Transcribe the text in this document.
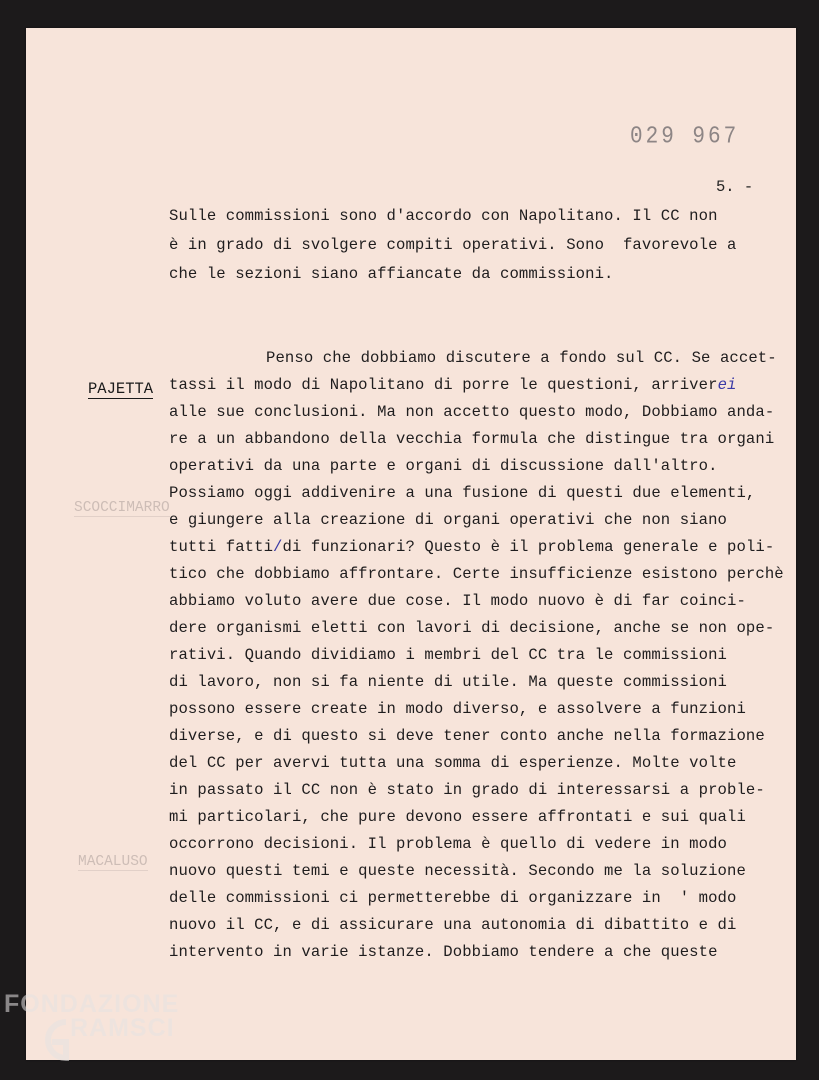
SCOCCIMARRO
MACALUSO
029 967
5. -
Sulle commissioni sono d'accordo con Napolitano. Il CC non
è in grado di svolgere compiti operativi. Sono  favorevole a
che le sezioni siano affiancate da commissioni.
PAJETTA
Penso che dobbiamo discutere a fondo sul CC. Se accet-
tassi il modo di Napolitano di porre le questioni, arriverei
alle sue conclusioni. Ma non accetto questo modo, Dobbiamo anda-
re a un abbandono della vecchia formula che distingue tra organi
operativi da una parte e organi di discussione dall'altro.
Possiamo oggi addivenire a una fusione di questi due elementi,
e giungere alla creazione di organi operativi che non siano
tutti fatti/di funzionari? Questo è il problema generale e poli-
tico che dobbiamo affrontare. Certe insufficienze esistono perchè
abbiamo voluto avere due cose. Il modo nuovo è di far coinci-
dere organismi eletti con lavori di decisione, anche se non ope-
rativi. Quando dividiamo i membri del CC tra le commissioni
di lavoro, non si fa niente di utile. Ma queste commissioni
possono essere create in modo diverso, e assolvere a funzioni
diverse, e di questo si deve tener conto anche nella formazione
del CC per avervi tutta una somma di esperienze. Molte volte
in passato il CC non è stato in grado di interessarsi a proble-
mi particolari, che pure devono essere affrontati e sui quali
occorrono decisioni. Il problema è quello di vedere in modo
nuovo questi temi e queste necessità. Secondo me la soluzione
delle commissioni ci permetterebbe di organizzare in  ' modo
nuovo il CC, e di assicurare una autonomia di dibattito e di
intervento in varie istanze. Dobbiamo tendere a che queste
FONDAZIONE
RAMSCI
